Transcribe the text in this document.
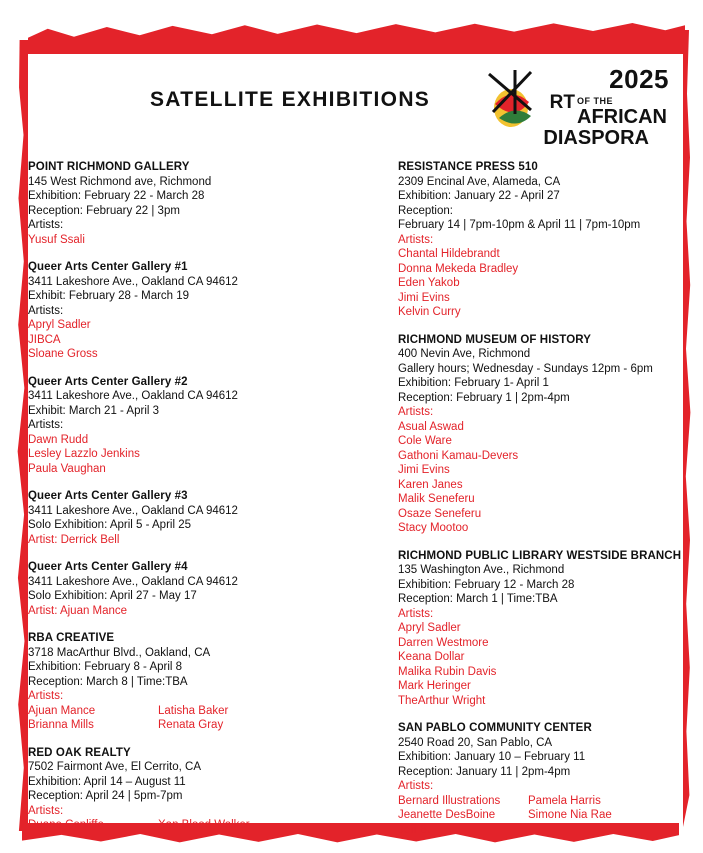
SATELLITE EXHIBITIONS
2025
RT OF THE
AFRICAN
DIASPORA
POINT RICHMOND GALLERY
145 West Richmond ave, Richmond
Exhibition: February 22 - March 28
Reception: February 22 | 3pm
Artists:
Yusuf Ssali
Queer Arts Center Gallery #1
3411 Lakeshore Ave., Oakland CA 94612
Exhibit: February 28 - March 19
Artists:
Apryl Sadler
JIBCA
Sloane Gross
Queer Arts Center Gallery #2
3411 Lakeshore Ave., Oakland CA 94612
Exhibit: March 21 - April 3
Artists:
Dawn Rudd
Lesley Lazzlo Jenkins
Paula Vaughan
Queer Arts Center Gallery #3
3411 Lakeshore Ave., Oakland CA 94612
Solo Exhibition: April 5 - April 25
Artist: Derrick Bell
Queer Arts Center Gallery #4
3411 Lakeshore Ave., Oakland CA 94612
Solo Exhibition: April 27 - May 17
Artist: Ajuan Mance
RBA CREATIVE
3718 MacArthur Blvd., Oakland, CA
Exhibition: February 8 - April 8
Reception: March 8 | Time:TBA
Artists:
Ajuan Mance
Brianna Mills
Latisha Baker
Renata Gray
RED OAK REALTY
7502 Fairmont Ave, El Cerrito, CA
Exhibition: April 14 – August 11
Reception: April 24 | 5pm-7pm
Artists:
Duane Conliffe	Xan Blood Walker
RESISTANCE PRESS 510
2309 Encinal Ave, Alameda, CA
Exhibition: January 22 - April 27
Reception:
February 14 | 7pm-10pm & April 11 | 7pm-10pm
Artists:
Chantal Hildebrandt
Donna Mekeda Bradley
Eden Yakob
Jimi Evins
Kelvin Curry
RICHMOND MUSEUM OF HISTORY
400 Nevin Ave, Richmond
Gallery hours; Wednesday - Sundays 12pm - 6pm
Exhibition: February 1- April 1
Reception: February 1 | 2pm-4pm
Artists:
Asual Aswad
Cole Ware
Gathoni Kamau-Devers
Jimi Evins
Karen Janes
Malik Seneferu
Osaze Seneferu
Stacy Mootoo
RICHMOND PUBLIC LIBRARY WESTSIDE BRANCH
135 Washington Ave., Richmond
Exhibition: February 12 - March 28
Reception: March 1 | Time:TBA
Artists:
Apryl Sadler
Darren Westmore
Keana Dollar
Malika Rubin Davis
Mark Heringer
TheArthur Wright
SAN PABLO COMMUNITY CENTER
2540 Road 20, San Pablo, CA
Exhibition: January 10 – February 11
Reception: January 11 | 2pm-4pm
Artists:
Bernard Illustrations
Jeanette DesBoine
Jeff B.
Pamela Harris
Simone Nia Rae
